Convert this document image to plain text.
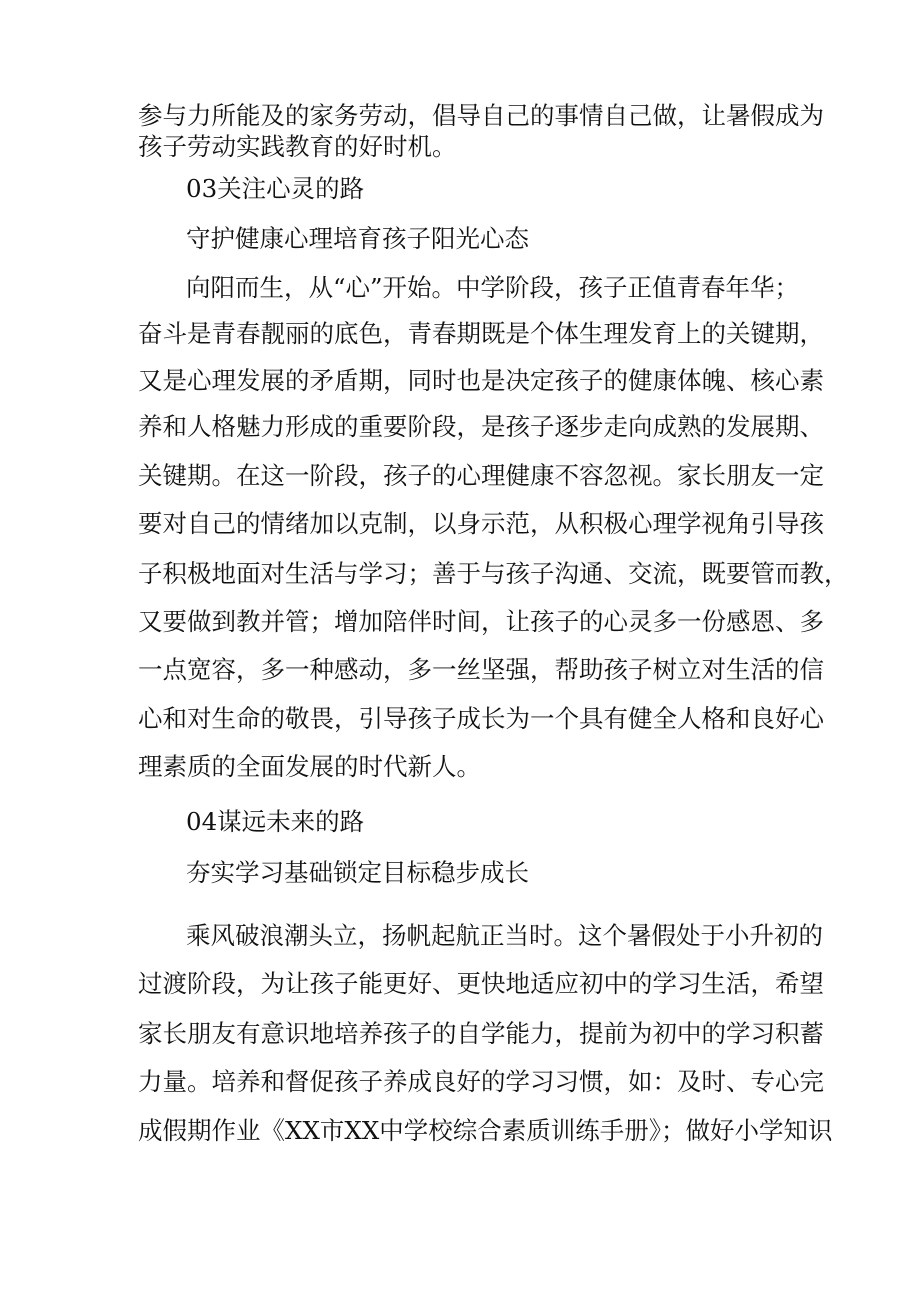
参与力所能及的家务劳动，倡导自己的事情自己做，让暑假成为
孩子劳动实践教育的好时机。
03关注心灵的路
守护健康心理培育孩子阳光心态
向阳而生，从“心”开始。中学阶段，孩子正值青春年华；
奋斗是青春靓丽的底色，青春期既是个体生理发育上的关键期，
又是心理发展的矛盾期，同时也是决定孩子的健康体魄、核心素
养和人格魅力形成的重要阶段，是孩子逐步走向成熟的发展期、
关键期。在这一阶段，孩子的心理健康不容忽视。家长朋友一定
要对自己的情绪加以克制，以身示范，从积极心理学视角引导孩
子积极地面对生活与学习；善于与孩子沟通、交流，既要管而教，
又要做到教并管；增加陪伴时间，让孩子的心灵多一份感恩、多
一点宽容，多一种感动，多一丝坚强，帮助孩子树立对生活的信
心和对生命的敬畏，引导孩子成长为一个具有健全人格和良好心
理素质的全面发展的时代新人。
04谋远未来的路
夯实学习基础锁定目标稳步成长
乘风破浪潮头立，扬帆起航正当时。这个暑假处于小升初的
过渡阶段，为让孩子能更好、更快地适应初中的学习生活，希望
家长朋友有意识地培养孩子的自学能力，提前为初中的学习积蓄
力量。培养和督促孩子养成良好的学习习惯，如：及时、专心完
成假期作业《XX市XX中学校综合素质训练手册》；做好小学知识
